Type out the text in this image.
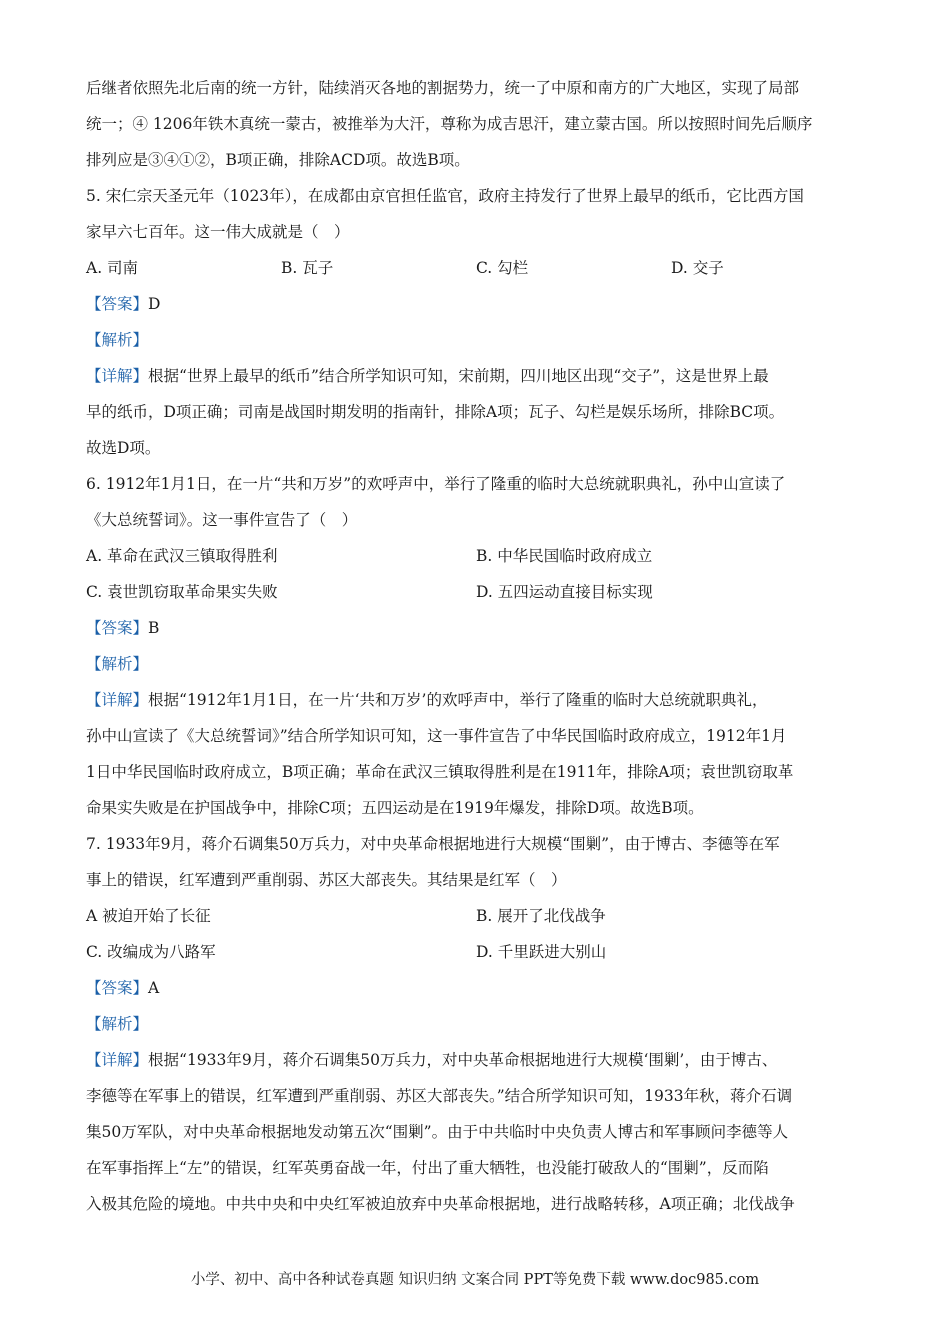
后继者依照先北后南的统一方针，陆续消灭各地的割据势力，统一了中原和南方的广大地区，实现了局部
统一；④ 1206年铁木真统一蒙古，被推举为大汗，尊称为成吉思汗，建立蒙古国。所以按照时间先后顺序
排列应是③④①②，B项正确，排除ACD项。故选B项。
5. 宋仁宗天圣元年（1023年），在成都由京官担任监官，政府主持发行了世界上最早的纸币，它比西方国
家早六七百年。这一伟大成就是（　）
A. 司南	B. 瓦子	C. 勾栏	D. 交子
【答案】D
【解析】
【详解】根据“世界上最早的纸币”结合所学知识可知，宋前期，四川地区出现“交子”，这是世界上最
早的纸币，D项正确；司南是战国时期发明的指南针，排除A项；瓦子、勾栏是娱乐场所，排除BC项。
故选D项。
6. 1912年1月1日，在一片“共和万岁”的欢呼声中，举行了隆重的临时大总统就职典礼，孙中山宣读了
《大总统誓词》。这一事件宣告了（　）
A. 革命在武汉三镇取得胜利	B. 中华民国临时政府成立
C. 袁世凯窃取革命果实失败	D. 五四运动直接目标实现
【答案】B
【解析】
【详解】根据“1912年1月1日，在一片‘共和万岁’的欢呼声中，举行了隆重的临时大总统就职典礼，
孙中山宣读了《大总统誓词》”结合所学知识可知，这一事件宣告了中华民国临时政府成立，1912年1月
1日中华民国临时政府成立，B项正确；革命在武汉三镇取得胜利是在1911年，排除A项；袁世凯窃取革
命果实失败是在护国战争中，排除C项；五四运动是在1919年爆发，排除D项。故选B项。
7. 1933年9月，蒋介石调集50万兵力，对中央革命根据地进行大规模“围剿”，由于博古、李德等在军
事上的错误，红军遭到严重削弱、苏区大部丧失。其结果是红军（　）
A 被迫开始了长征	B. 展开了北伐战争
C. 改编成为八路军	D. 千里跃进大别山
【答案】A
【解析】
【详解】根据“1933年9月，蒋介石调集50万兵力，对中央革命根据地进行大规模‘围剿’，由于博古、
李德等在军事上的错误，红军遭到严重削弱、苏区大部丧失。”结合所学知识可知，1933年秋，蒋介石调
集50万军队，对中央革命根据地发动第五次“围剿”。由于中共临时中央负责人博古和军事顾问李德等人
在军事指挥上“左”的错误，红军英勇奋战一年，付出了重大牺牲，也没能打破敌人的“围剿”，反而陷
入极其危险的境地。中共中央和中央红军被迫放弃中央革命根据地，进行战略转移，A项正确；北伐战争
小学、初中、高中各种试卷真题 知识归纳 文案合同 PPT等免费下载 www.doc985.com
